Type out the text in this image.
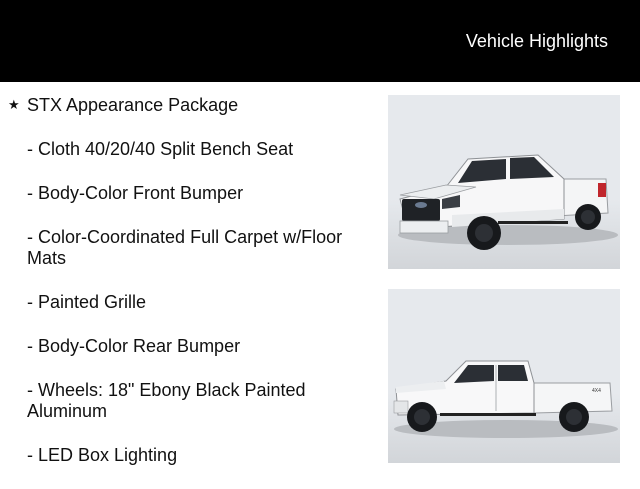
Vehicle Highlights
★ STX Appearance Package
- Cloth 40/20/40 Split Bench Seat
- Body-Color Front Bumper
- Color-Coordinated Full Carpet w/Floor Mats
- Painted Grille
- Body-Color Rear Bumper
- Wheels: 18" Ebony Black Painted Aluminum
- LED Box Lighting
4X4
